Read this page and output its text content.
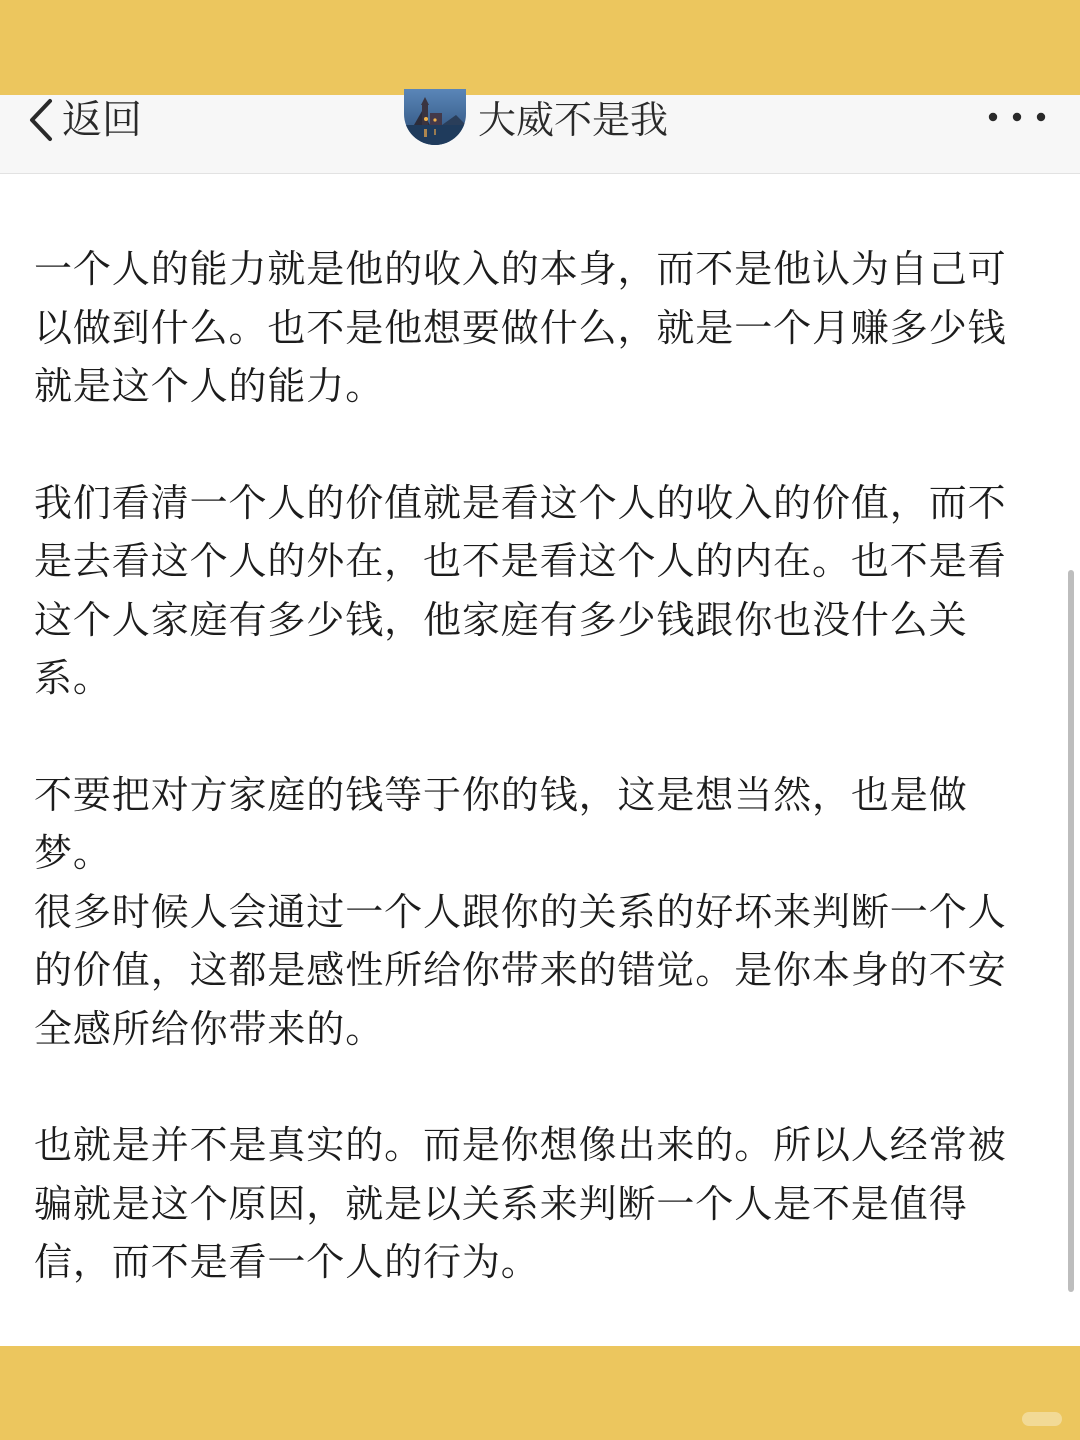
返回	大威不是我

一个人的能力就是他的收入的本身，而不是他认为自己可以做到什么。也不是他想要做什么，就是一个月赚多少钱就是这个人的能力。

我们看清一个人的价值就是看这个人的收入的价值，而不是去看这个人的外在，也不是看这个人的内在。也不是看这个人家庭有多少钱，他家庭有多少钱跟你也没什么关系。

不要把对方家庭的钱等于你的钱，这是想当然，也是做梦。

很多时候人会通过一个人跟你的关系的好坏来判断一个人的价值，这都是感性所给你带来的错觉。是你本身的不安全感所给你带来的。

也就是并不是真实的。而是你想像出来的。所以人经常被骗就是这个原因，就是以关系来判断一个人是不是值得信，而不是看一个人的行为。
